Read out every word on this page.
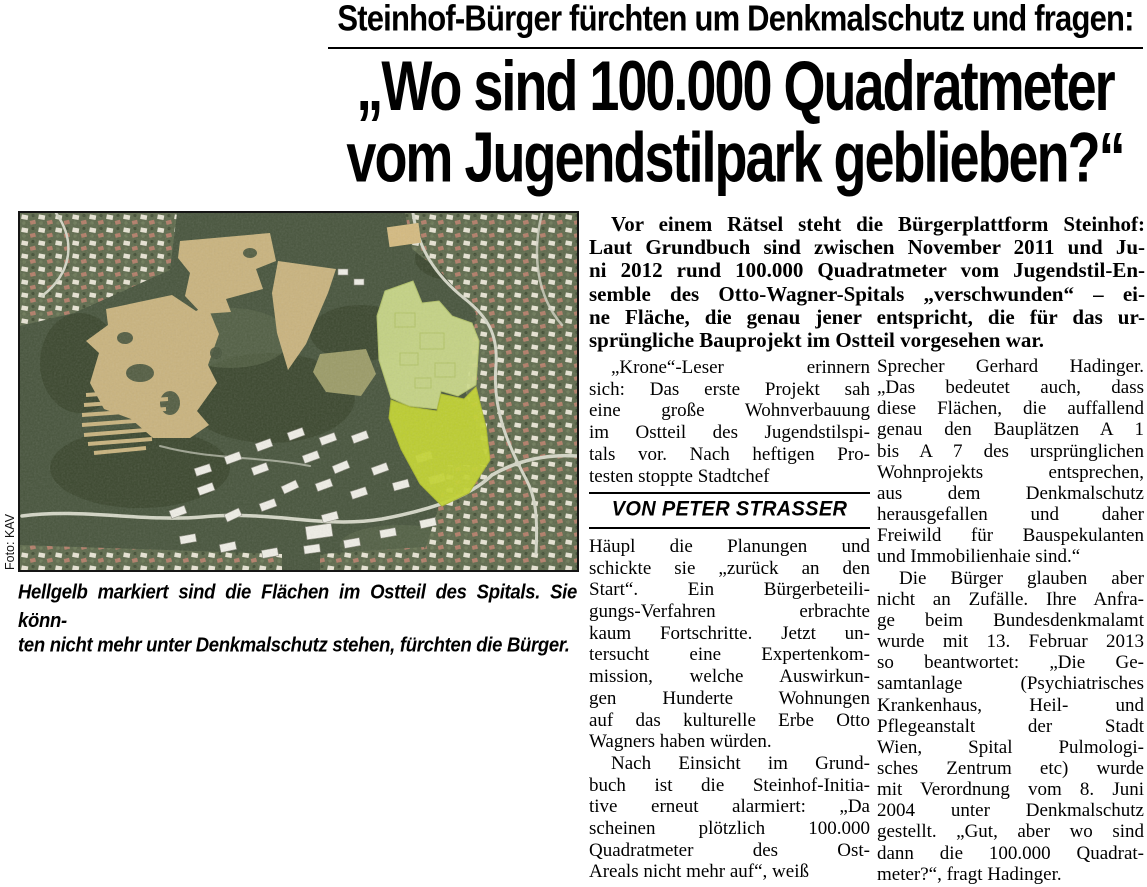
Steinhof-Bürger fürchten um Denkmalschutz und fragen:
„Wo sind 100.000 Quadratmeter
vom Jugendstilpark geblieben?“
Foto: KAV
Hellgelb markiert sind die Flächen im Ostteil des Spitals. Sie könn-
ten nicht mehr unter Denkmalschutz stehen, fürchten die Bürger.
Vor einem Rätsel steht die Bürgerplattform Steinhof:
Laut Grundbuch sind zwischen November 2011 und Ju-
ni 2012 rund 100.000 Quadratmeter vom Jugendstil-En-
semble des Otto-Wagner-Spitals „verschwunden“ – ei-
ne Fläche, die genau jener entspricht, die für das ur-
sprüngliche Bauprojekt im Ostteil vorgesehen war.
„Krone“-Leser erinnern
sich: Das erste Projekt sah
eine große Wohnverbauung
im Ostteil des Jugendstilspi-
tals vor. Nach heftigen Pro-
testen stoppte Stadtchef
VON PETER STRASSER
Häupl die Planungen und
schickte sie „zurück an den
Start“. Ein Bürgerbeteili-
gungs-Verfahren erbrachte
kaum Fortschritte. Jetzt un-
tersucht eine Expertenkom-
mission, welche Auswirkun-
gen Hunderte Wohnungen
auf das kulturelle Erbe Otto
Wagners haben würden.
Nach Einsicht im Grund-
buch ist die Steinhof-Initia-
tive erneut alarmiert: „Da
scheinen plötzlich 100.000
Quadratmeter des Ost-
Areals nicht mehr auf“, weiß
Sprecher Gerhard Hadinger.
„Das bedeutet auch, dass
diese Flächen, die auffallend
genau den Bauplätzen A 1
bis A 7 des ursprünglichen
Wohnprojekts entsprechen,
aus dem Denkmalschutz
herausgefallen und daher
Freiwild für Bauspekulanten
und Immobilienhaie sind.“
Die Bürger glauben aber
nicht an Zufälle. Ihre Anfra-
ge beim Bundesdenkmalamt
wurde mit 13. Februar 2013
so beantwortet: „Die Ge-
samtanlage (Psychiatrisches
Krankenhaus, Heil- und
Pflegeanstalt der Stadt
Wien, Spital Pulmologi-
sches Zentrum etc) wurde
mit Verordnung vom 8. Juni
2004 unter Denkmalschutz
gestellt. „Gut, aber wo sind
dann die 100.000 Quadrat-
meter?“, fragt Hadinger.
